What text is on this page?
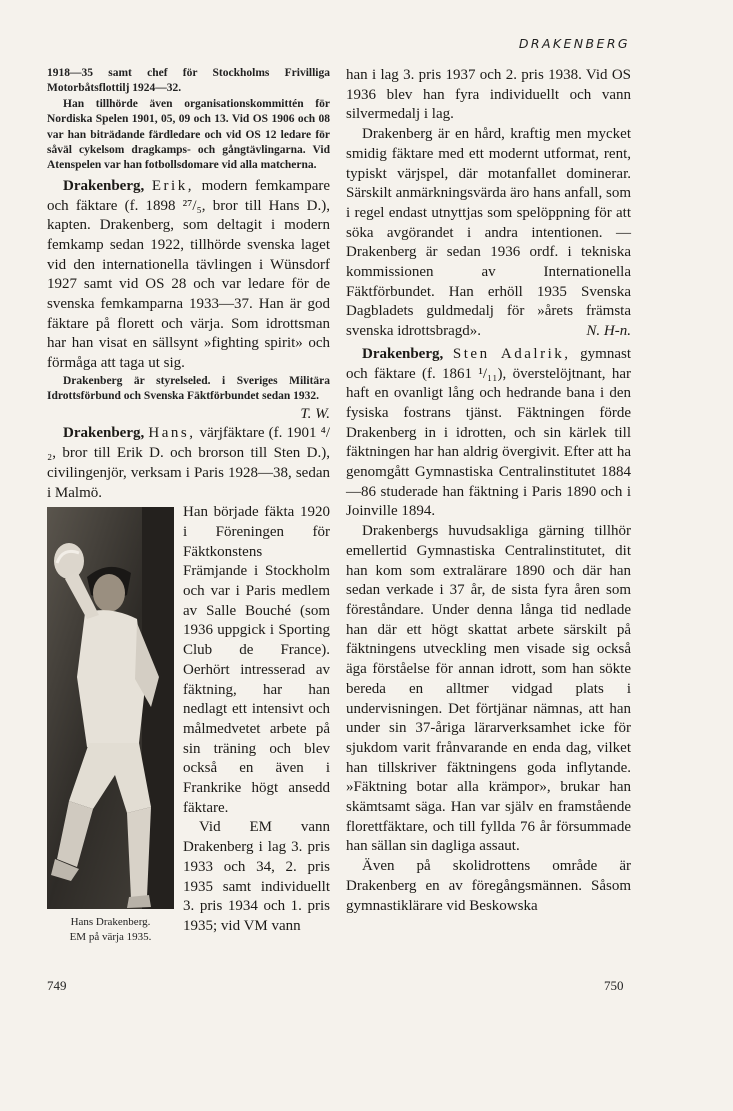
DRAKENBERG

1918—35 samt chef för Stockholms Frivilliga Motorbåtsflottilj 1924—32.

Han tillhörde även organisationskommittén för Nordiska Spelen 1901, 05, 09 och 13. Vid OS 1906 och 08 var han biträdande färdledare och vid OS 12 ledare för såväl cykelsom dragkamps- och gångtävlingarna. Vid Atenspelen var han fotbollsdomare vid alla matcherna.

Drakenberg, Erik, modern femkampare och fäktare (f. 1898 ²⁷/₅, bror till Hans D.), kapten. Drakenberg, som deltagit i modern femkamp sedan 1922, tillhörde svenska laget vid den internationella tävlingen i Wünsdorf 1927 samt vid OS 28 och var ledare för de svenska femkamparna 1933—37. Han är god fäktare på florett och värja. Som idrottsman har han visat en sällsynt »fighting spirit» och förmåga att taga ut sig.

Drakenberg är styrelseled. i Sveriges Militära Idrottsförbund och Svenska Fäktförbundet sedan 1932.

T. W.

Drakenberg, Hans, värjfäktare (f. 1901 ⁴/₂, bror till Erik D. och brorson till Sten D.), civilingenjör, verksam i Paris 1928—38, sedan i Malmö.

Hans Drakenberg.
EM på värja 1935.

Han började fäkta 1920 i Föreningen för Fäktkonstens Främjande i Stockholm och var i Paris medlem av Salle Bouché (som 1936 uppgick i Sporting Club de France). Oerhört intresserad av fäktning, har han nedlagt ett intensivt och målmedvetet arbete på sin träning och blev också en även i Frankrike högt ansedd fäktare.

Vid EM vann Drakenberg i lag 3. pris 1933 och 34, 2. pris 1935 samt individuellt 3. pris 1934 och 1. pris 1935; vid VM vann

han i lag 3. pris 1937 och 2. pris 1938. Vid OS 1936 blev han fyra individuellt och vann silvermedalj i lag.

Drakenberg är en hård, kraftig men mycket smidig fäktare med ett modernt utformat, rent, typiskt värjspel, där motanfallet dominerar. Särskilt anmärkningsvärda äro hans anfall, som i regel endast utnyttjas som spelöppning för att söka avgörandet i andra intentionen. — Drakenberg är sedan 1936 ordf. i tekniska kommissionen av Internationella Fäktförbundet. Han erhöll 1935 Svenska Dagbladets guldmedalj för »årets främsta svenska idrottsbragd».	N. H-n.

Drakenberg, Sten Adalrik, gymnast och fäktare (f. 1861 ¹/₁₁), överstelöjtnant, har haft en ovanligt lång och hedrande bana i den fysiska fostrans tjänst. Fäktningen förde Drakenberg in i idrotten, och sin kärlek till fäktningen har han aldrig övergivit. Efter att ha genomgått Gymnastiska Centralinstitutet 1884—86 studerade han fäktning i Paris 1890 och i Joinville 1894.

Drakenbergs huvudsakliga gärning tillhör emellertid Gymnastiska Centralinstitutet, dit han kom som extralärare 1890 och där han sedan verkade i 37 år, de sista fyra åren som föreståndare. Under denna långa tid nedlade han där ett högt skattat arbete särskilt på fäktningens utveckling men visade sig också äga förståelse för annan idrott, som han sökte bereda en alltmer vidgad plats i undervisningen. Det förtjänar nämnas, att han under sin 37-åriga lärarverksamhet icke för sjukdom varit frånvarande en enda dag, vilket han tillskriver fäktningens goda inflytande. »Fäktning botar alla krämpor», brukar han skämtsamt säga. Han var själv en framstående florettfäktare, och till fyllda 76 år försummade han sällan sin dagliga assaut.

Även på skolidrottens område är Drakenberg en av föregångsmännen. Såsom gymnastiklärare vid Beskowska

749	750
